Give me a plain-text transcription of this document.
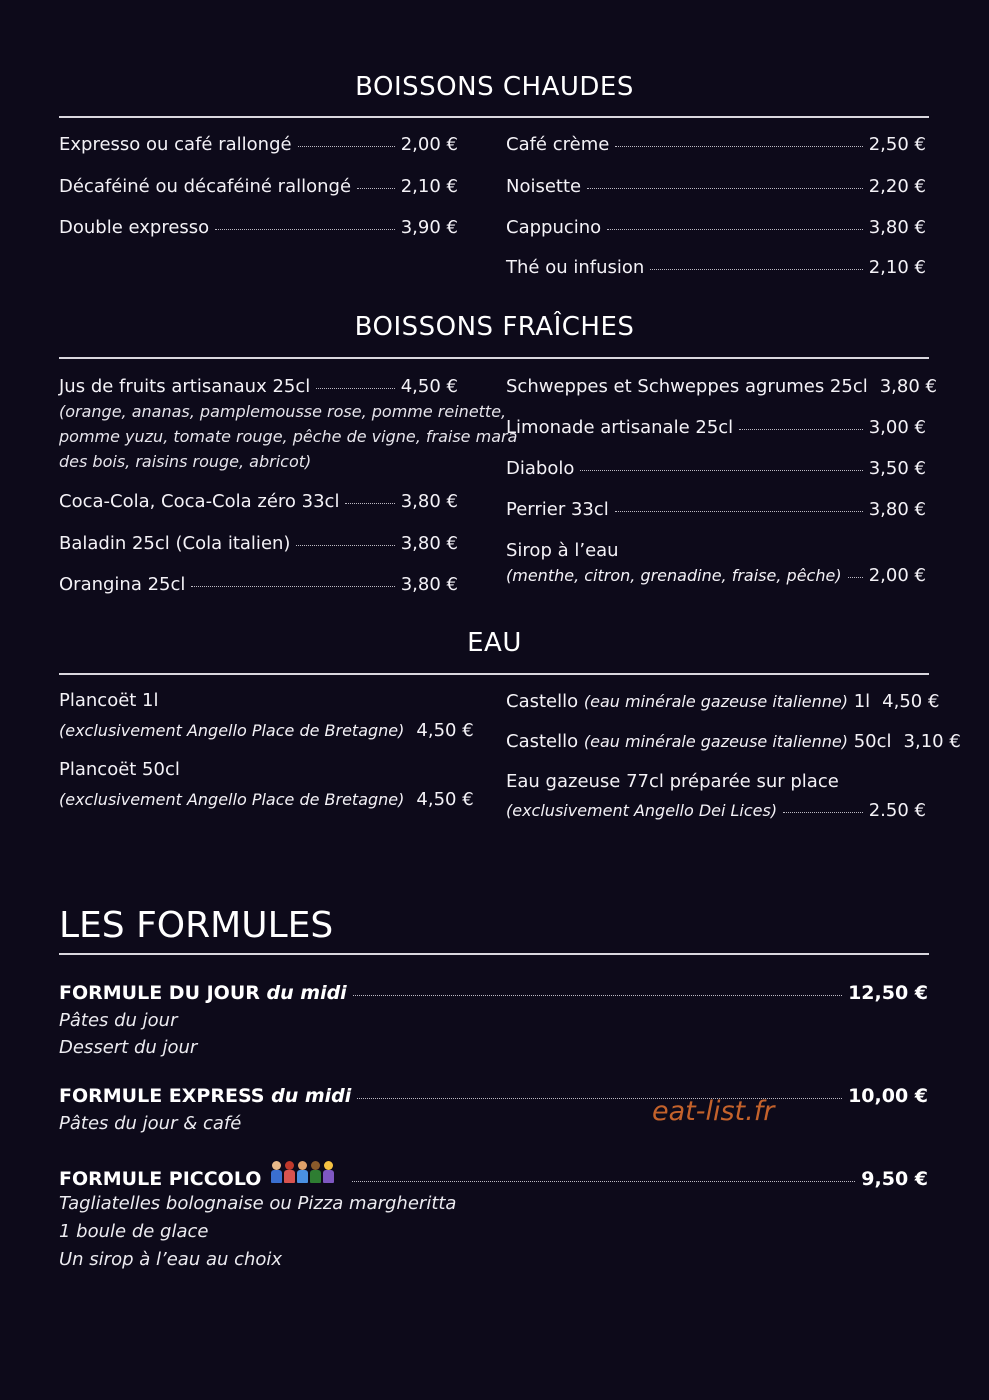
BOISSONS CHAUDES
Expresso ou café rallongé	2,00 €
Décaféiné ou décaféiné rallongé	2,10 €
Double expresso	3,90 €
Café crème	2,50 €
Noisette	2,20 €
Cappucino	3,80 €
Thé ou infusion	2,10 €
BOISSONS FRAÎCHES
Jus de fruits artisanaux 25cl	4,50 €
(orange, ananas, pamplemousse rose, pomme reinette,
pomme yuzu, tomate rouge, pêche de vigne, fraise mara
des bois, raisins rouge, abricot)
Coca-Cola, Coca-Cola zéro 33cl	3,80 €
Baladin 25cl (Cola italien)	3,80 €
Orangina 25cl	3,80 €
Schweppes et Schweppes agrumes 25cl 3,80 €
Limonade artisanale 25cl	3,00 €
Diabolo	3,50 €
Perrier 33cl	3,80 €
Sirop à l’eau
(menthe, citron, grenadine, fraise, pêche) 2,00 €
EAU
Plancoët 1l
(exclusivement Angello Place de Bretagne) 4,50 €
Plancoët 50cl
(exclusivement Angello Place de Bretagne) 4,50 €
Castello (eau minérale gazeuse italienne) 1l 4,50 €
Castello (eau minérale gazeuse italienne) 50cl 3,10 €
Eau gazeuse 77cl préparée sur place
(exclusivement Angello Dei Lices)	2.50 €
LES FORMULES
FORMULE DU JOUR du midi	12,50 €
Pâtes du jour
Dessert du jour
FORMULE EXPRESS du midi	10,00 €
Pâtes du jour & café
FORMULE PICCOLO	9,50 €
Tagliatelles bolognaise ou Pizza margheritta
1 boule de glace
Un sirop à l’eau au choix
eat-list.fr
